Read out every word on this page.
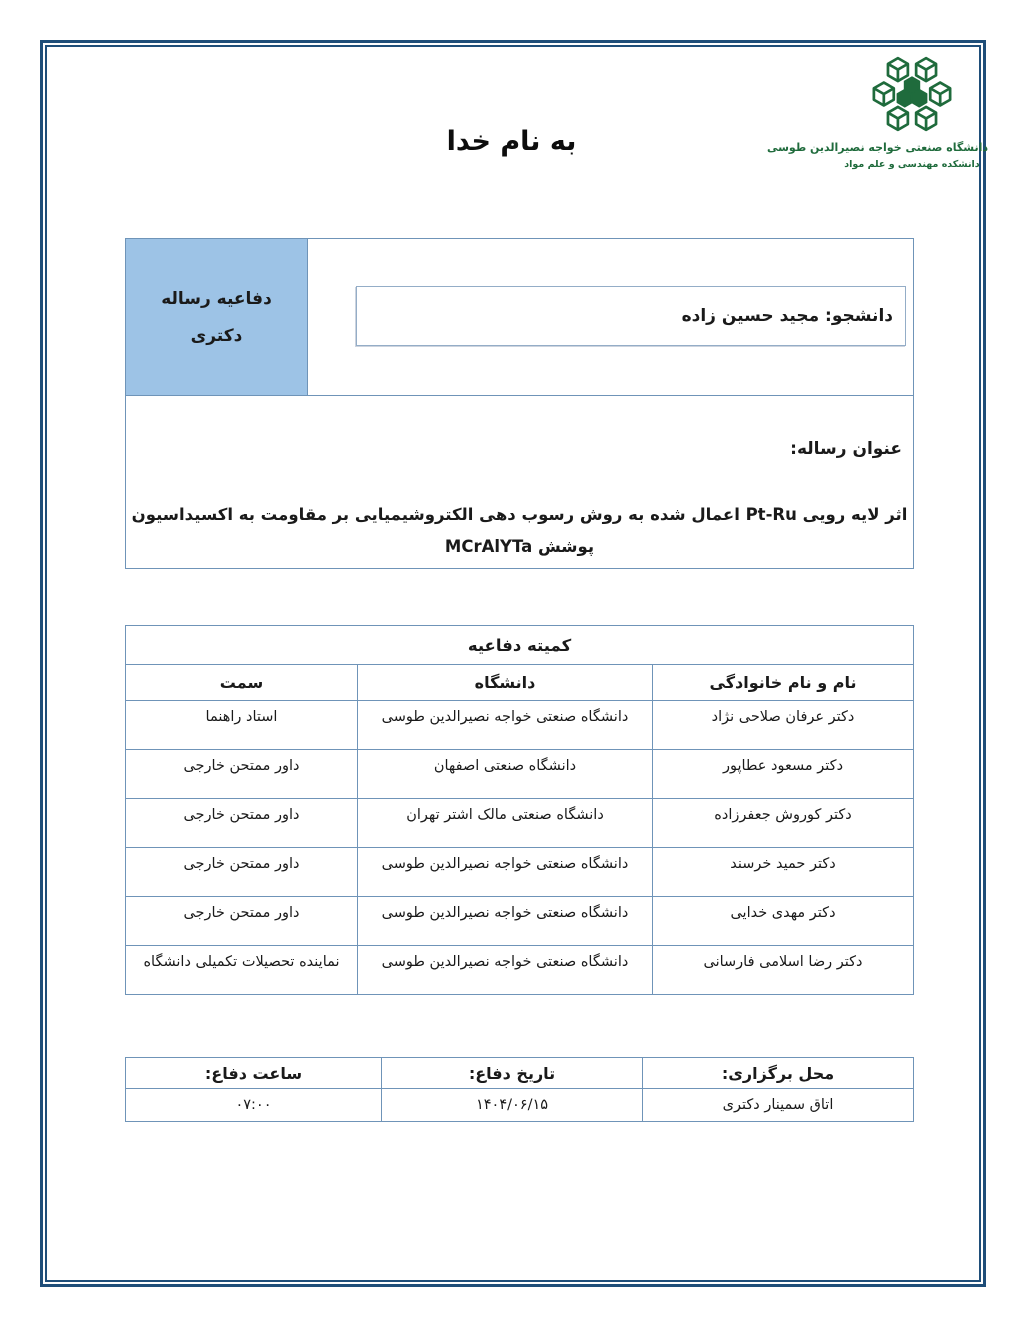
به نام خدا	دانشگاه صنعتی خواجه نصیرالدین طوسی
دانشکده مهندسی و علم مواد
دانشجو: مجید حسین زاده

دفاعیه رساله
دکتری

عنوان رساله:
اثر لایه رویی Pt-Ru اعمال شده به روش رسوب دهی الکتروشیمیایی بر مقاومت به اکسیداسیون
پوشش MCrAlYTa
کمیته دفاعیه		
نام و نام خانوادگی	دانشگاه	سمت
دکتر عرفان صلاحی نژاد	دانشگاه صنعتی خواجه نصیرالدین طوسی	استاد راهنما
دکتر مسعود عطاپور	دانشگاه صنعتی اصفهان	داور ممتحن خارجی
دکتر کوروش جعفرزاده	دانشگاه صنعتی مالک اشتر تهران	داور ممتحن خارجی
دکتر حمید خرسند	دانشگاه صنعتی خواجه نصیرالدین طوسی	داور ممتحن خارجی
دکتر مهدی خدایی	دانشگاه صنعتی خواجه نصیرالدین طوسی	داور ممتحن خارجی
دکتر رضا اسلامی فارسانی	دانشگاه صنعتی خواجه نصیرالدین طوسی	نماینده تحصیلات تکمیلی دانشگاه
محل برگزاری:	تاریخ دفاع:	ساعت دفاع:
اتاق سمینار دکتری	۱۴۰۴/۰۶/۱۵	۰۷:۰۰
